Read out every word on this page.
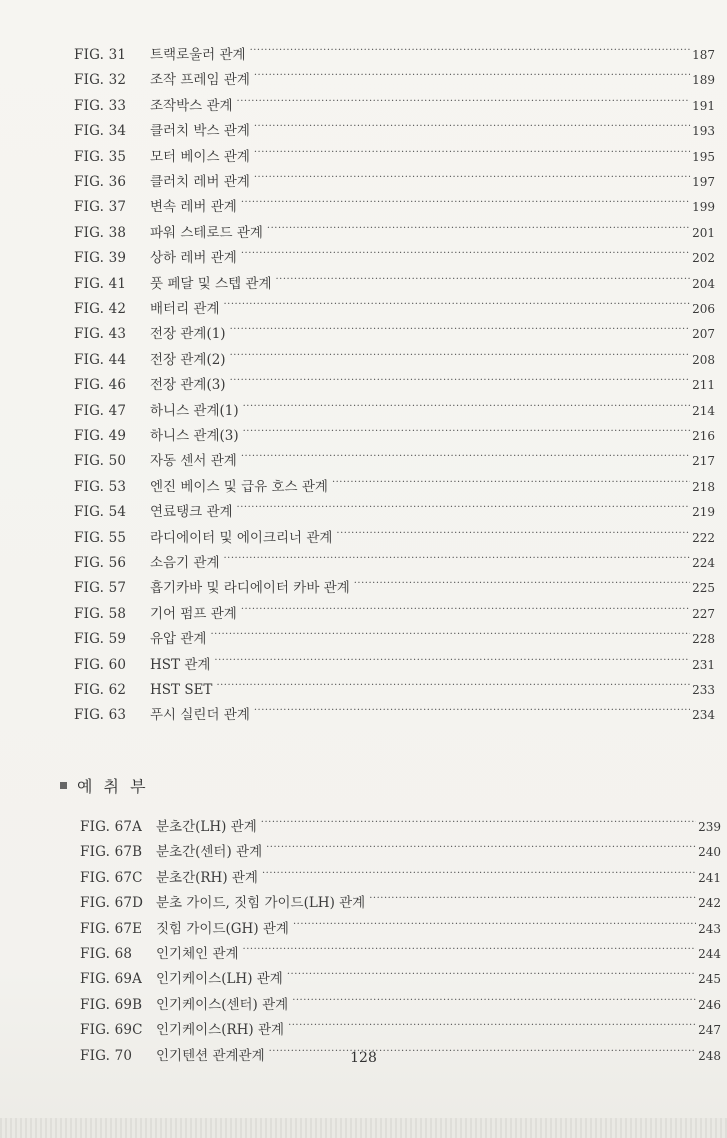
FIG. 31	트랙로울러 관계 ·····	187
FIG. 32	조작 프레임 관계 ·····	189
FIG. 33	조작박스 관계 ·····	191
FIG. 34	클러치 박스 관계 ·····	193
FIG. 35	모터 베이스 관계 ·····	195
FIG. 36	클러치 레버 관계 ·····	197
FIG. 37	변속 레버 관계 ·····	199
FIG. 38	파워 스테로드 관계 ·····	201
FIG. 39	상하 레버 관계 ·····	202
FIG. 41	풋 페달 및 스텝 관계 ·····	204
FIG. 42	배터리 관계 ·····	206
FIG. 43	전장 관계(1) ·····	207
FIG. 44	전장 관계(2) ·····	208
FIG. 46	전장 관계(3) ·····	211
FIG. 47	하니스 관계(1) ·····	214
FIG. 49	하니스 관계(3) ·····	216
FIG. 50	자동 센서 관계 ·····	217
FIG. 53	엔진 베이스 및 급유 호스 관계 ·····	218
FIG. 54	연료탱크 관계 ·····	219
FIG. 55	라디에이터 및 에이크리너 관계 ·····	222
FIG. 56	소음기 관계 ·····	224
FIG. 57	흡기카바 및 라디에이터 카바 관계 ·····	225
FIG. 58	기어 펌프 관계 ·····	227
FIG. 59	유압 관계 ·····	228
FIG. 60	HST 관계 ·····	231
FIG. 62	HST SET ·····	233
FIG. 63	푸시 실린더 관계 ·····	234
예 취 부
FIG. 67A	분초간(LH) 관계 ·····	239
FIG. 67B	분초간(센터) 관계 ·····	240
FIG. 67C 분초간(RH) 관계 ·····	241
FIG. 67D 분초 가이드, 짓힘 가이드(LH) 관계 ·····	242
FIG. 67E	짓힘 가이드(GH) 관계 ·····	243
FIG. 68	인기체인 관계 ·····	244
FIG. 69A	인기케이스(LH) 관계 ·····	245
FIG. 69B	인기케이스(센터) 관계 ·····	246
FIG. 69C 인기케이스(RH) 관계 ·····	247
FIG. 70	인기텐션 관계관계 ·····	248
128
